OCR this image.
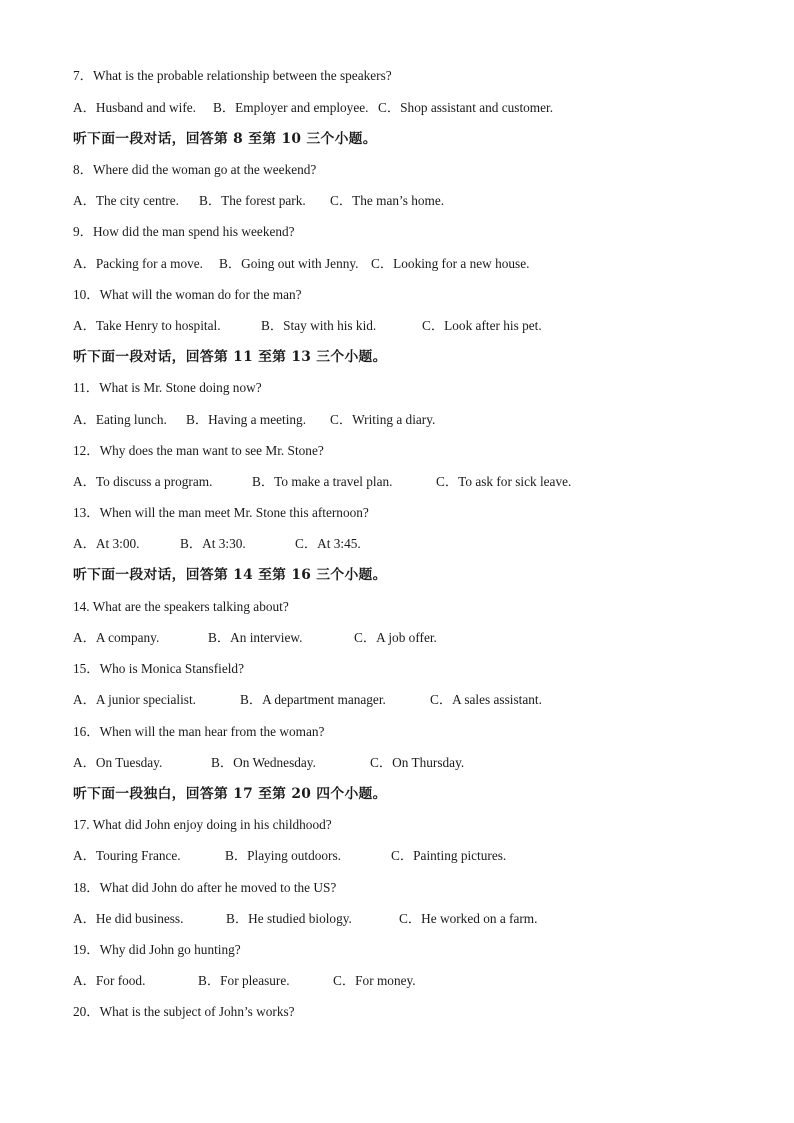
7．What is the probable relationship between the speakers?

A．Husband and wife.

B．Employer and employee.

C．Shop assistant and customer.

听下面一段对话，回答第 8 至第 10 三个小题。
8．Where did the woman go at the weekend?

A．The city centre.

B．The forest park.

C．The man’s home.

9．How did the man spend his weekend?

A．Packing for a move.

B．Going out with Jenny.

C．Looking for a new house.

10．What will the woman do for the man?

A．Take Henry to hospital.

	B．Stay with his kid.

	C．Look after his pet.

听下面一段对话，回答第 11 至第 13 三个小题。
11．What is Mr. Stone doing now?

A．Eating lunch.

B．Having a meeting.

C．Writing a diary.

12．Why does the man want to see Mr. Stone?

A．To discuss a program.

	B．To make a travel plan.

	C．To ask for sick leave.

13．When will the man meet Mr. Stone this afternoon?

A．At 3:00.

	B．At 3:30.

	C．At 3:45.

听下面一段对话，回答第 14 至第 16 三个小题。
14. What are the speakers talking about?

A．A company.

	B．An interview.

	C．A job offer.

15．Who is Monica Stansfield?

A．A junior specialist.

	B．A department manager.

	C．A sales assistant.

16．When will the man hear from the woman?

A．On Tuesday.

	B．On Wednesday.

	C．On Thursday.

听下面一段独白，回答第 17 至第 20 四个小题。
17. What did John enjoy doing in his childhood?

A．Touring France.

	B．Playing outdoors.

	C．Painting pictures.

18．What did John do after he moved to the US?

A．He did business.

	B．He studied biology.

	C．He worked on a farm.

19．Why did John go hunting?

A．For food.

	B．For pleasure.

	C．For money.

20．What is the subject of John’s works?
